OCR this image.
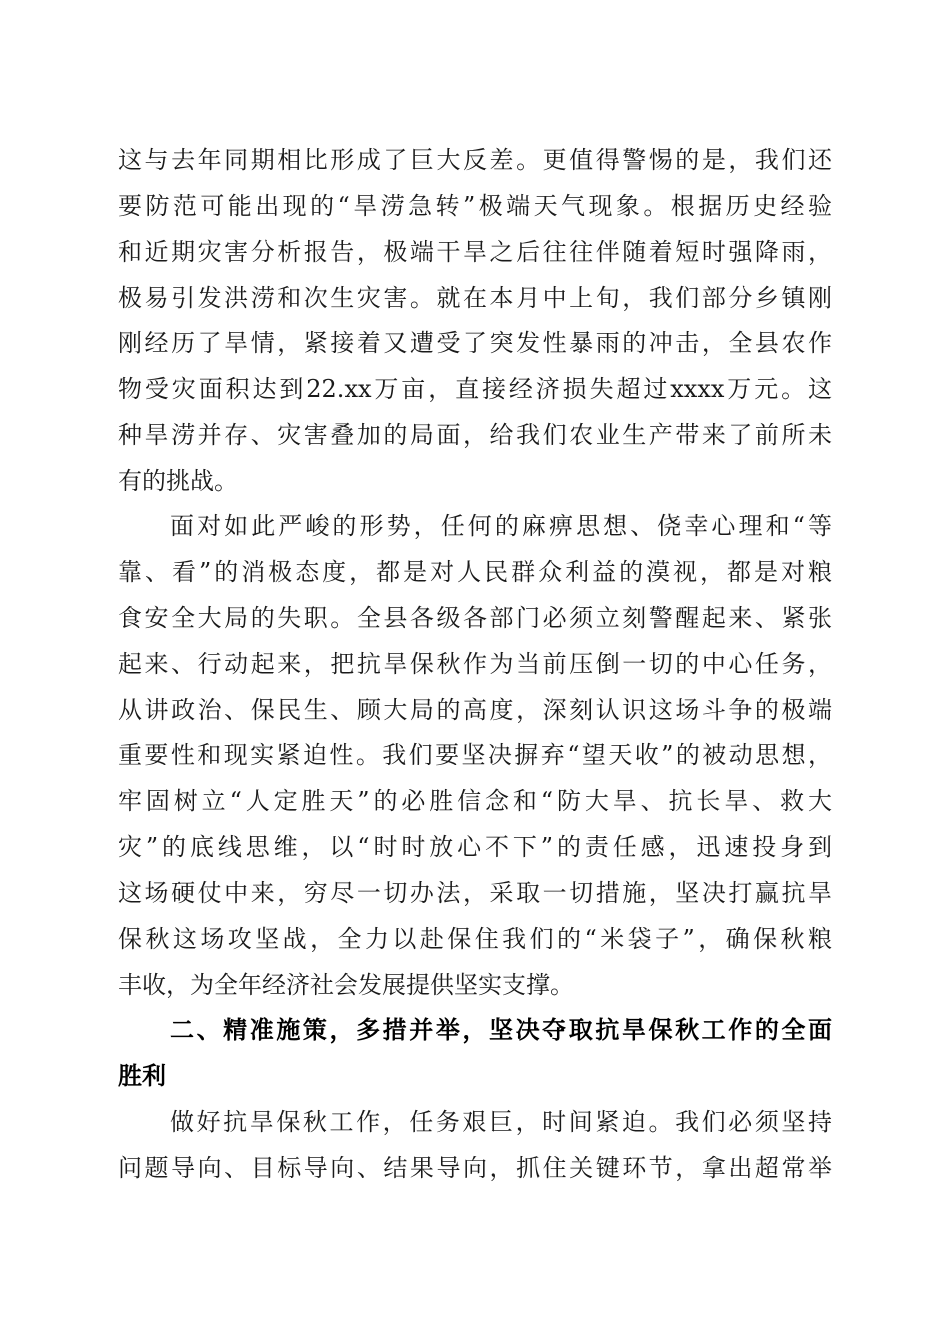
这与去年同期相比形成了巨大反差。更值得警惕的是，我们还
要防范可能出现的“旱涝急转”极端天气现象。根据历史经验
和近期灾害分析报告，极端干旱之后往往伴随着短时强降雨，
极易引发洪涝和次生灾害。就在本月中上旬，我们部分乡镇刚
刚经历了旱情，紧接着又遭受了突发性暴雨的冲击，全县农作
物受灾面积达到22.xx万亩，直接经济损失超过xxxx万元。这
种旱涝并存、灾害叠加的局面，给我们农业生产带来了前所未
有的挑战。
面对如此严峻的形势，任何的麻痹思想、侥幸心理和“等
靠、看”的消极态度，都是对人民群众利益的漠视，都是对粮
食安全大局的失职。全县各级各部门必须立刻警醒起来、紧张
起来、行动起来，把抗旱保秋作为当前压倒一切的中心任务，
从讲政治、保民生、顾大局的高度，深刻认识这场斗争的极端
重要性和现实紧迫性。我们要坚决摒弃“望天收”的被动思想，
牢固树立“人定胜天”的必胜信念和“防大旱、抗长旱、救大
灾”的底线思维，以“时时放心不下”的责任感，迅速投身到
这场硬仗中来，穷尽一切办法，采取一切措施，坚决打赢抗旱
保秋这场攻坚战，全力以赴保住我们的“米袋子”，确保秋粮
丰收，为全年经济社会发展提供坚实支撑。
二、精准施策，多措并举，坚决夺取抗旱保秋工作的全面
胜利
做好抗旱保秋工作，任务艰巨，时间紧迫。我们必须坚持
问题导向、目标导向、结果导向，抓住关键环节，拿出超常举
